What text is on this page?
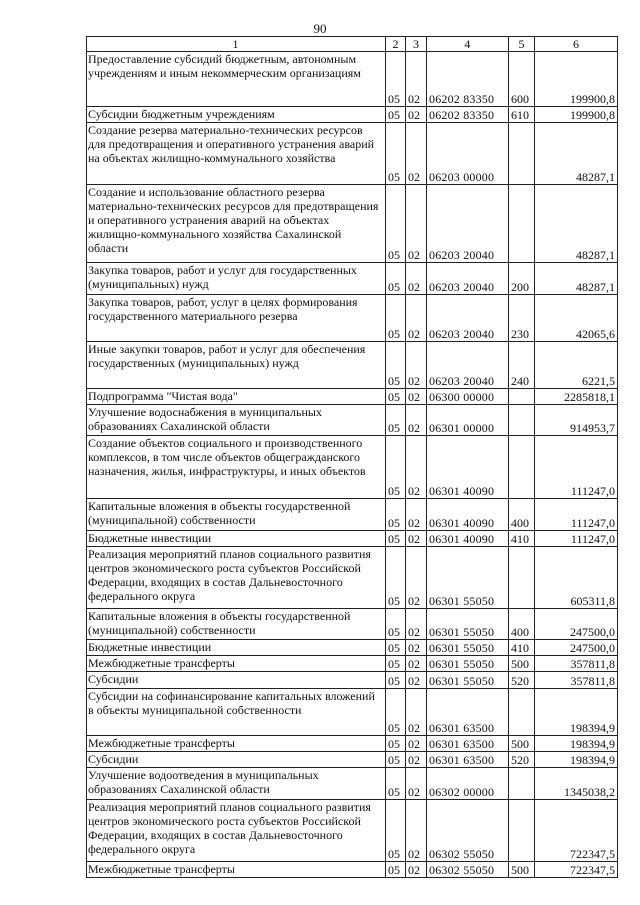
90
1	2	3	4	5	6
Предоставление субсидий бюджетным, автономным учреждениям и иным некоммерческим организациям	05	02	06202 83350	600	199900,8
Субсидии бюджетным учреждениям	05	02	06202 83350	610	199900,8
Создание резерва материально-технических ресурсов для предотвращения и оперативного устранения аварий на объектах жилищно-коммунального хозяйства	05	02	06203 00000		48287,1
Создание и использование областного резерва материально-технических ресурсов для предотвращения и оперативного устранения аварий на объектах жилищно-коммунального хозяйства Сахалинской области	05	02	06203 20040		48287,1
Закупка товаров, работ и услуг для государственных (муниципальных) нужд	05	02	06203 20040	200	48287,1
Закупка товаров, работ, услуг в целях формирования государственного материального резерва	05	02	06203 20040	230	42065,6
Иные закупки товаров, работ и услуг для обеспечения государственных (муниципальных) нужд	05	02	06203 20040	240	6221,5
Подпрограмма "Чистая вода"	05	02	06300 00000		2285818,1
Улучшение водоснабжения в муниципальных образованиях Сахалинской области	05	02	06301 00000		914953,7
Создание объектов социального и производственного комплексов, в том числе объектов общегражданского назначения, жилья, инфраструктуры, и иных объектов	05	02	06301 40090		111247,0
Капитальные вложения в объекты государственной (муниципальной) собственности	05	02	06301 40090	400	111247,0
Бюджетные инвестиции	05	02	06301 40090	410	111247,0
Реализация мероприятий планов социального развития центров экономического роста субъектов Российской Федерации, входящих в состав Дальневосточного федерального округа	05	02	06301 55050		605311,8
Капитальные вложения в объекты государственной (муниципальной) собственности	05	02	06301 55050	400	247500,0
Бюджетные инвестиции	05	02	06301 55050	410	247500,0
Межбюджетные трансферты	05	02	06301 55050	500	357811,8
Субсидии	05	02	06301 55050	520	357811,8
Субсидии на софинансирование капитальных вложений в объекты муниципальной собственности	05	02	06301 63500		198394,9
Межбюджетные трансферты	05	02	06301 63500	500	198394,9
Субсидии	05	02	06301 63500	520	198394,9
Улучшение водоотведения в муниципальных образованиях Сахалинской области	05	02	06302 00000		1345038,2
Реализация мероприятий планов социального развития центров экономического роста субъектов Российской Федерации, входящих в состав Дальневосточного федерального округа	05	02	06302 55050		722347,5
Межбюджетные трансферты	05	02	06302 55050	500	722347,5
